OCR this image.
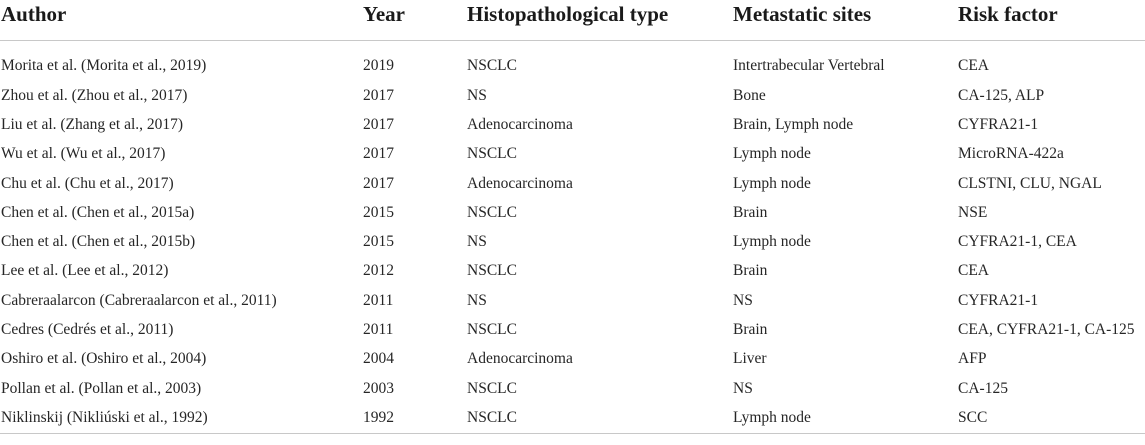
Author	Year	Histopathological type	Metastatic sites	Risk factor
Morita et al. (Morita et al., 2019)	2019	NSCLC	Intertrabecular Vertebral	CEA
Zhou et al. (Zhou et al., 2017)	2017	NS	Bone	CA-125, ALP
Liu et al. (Zhang et al., 2017)	2017	Adenocarcinoma	Brain, Lymph node	CYFRA21-1
Wu et al. (Wu et al., 2017)	2017	NSCLC	Lymph node	MicroRNA-422a
Chu et al. (Chu et al., 2017)	2017	Adenocarcinoma	Lymph node	CLSTNI, CLU, NGAL
Chen et al. (Chen et al., 2015a)	2015	NSCLC	Brain	NSE
Chen et al. (Chen et al., 2015b)	2015	NS	Lymph node	CYFRA21-1, CEA
Lee et al. (Lee et al., 2012)	2012	NSCLC	Brain	CEA
Cabreraalarcon (Cabreraalarcon et al., 2011)	2011	NS	NS	CYFRA21-1
Cedres (Cedrés et al., 2011)	2011	NSCLC	Brain	CEA, CYFRA21-1, CA-125
Oshiro et al. (Oshiro et al., 2004)	2004	Adenocarcinoma	Liver	AFP
Pollan et al. (Pollan et al., 2003)	2003	NSCLC	NS	CA-125
Niklinskij (Nikliúski et al., 1992)	1992	NSCLC	Lymph node	SCC
